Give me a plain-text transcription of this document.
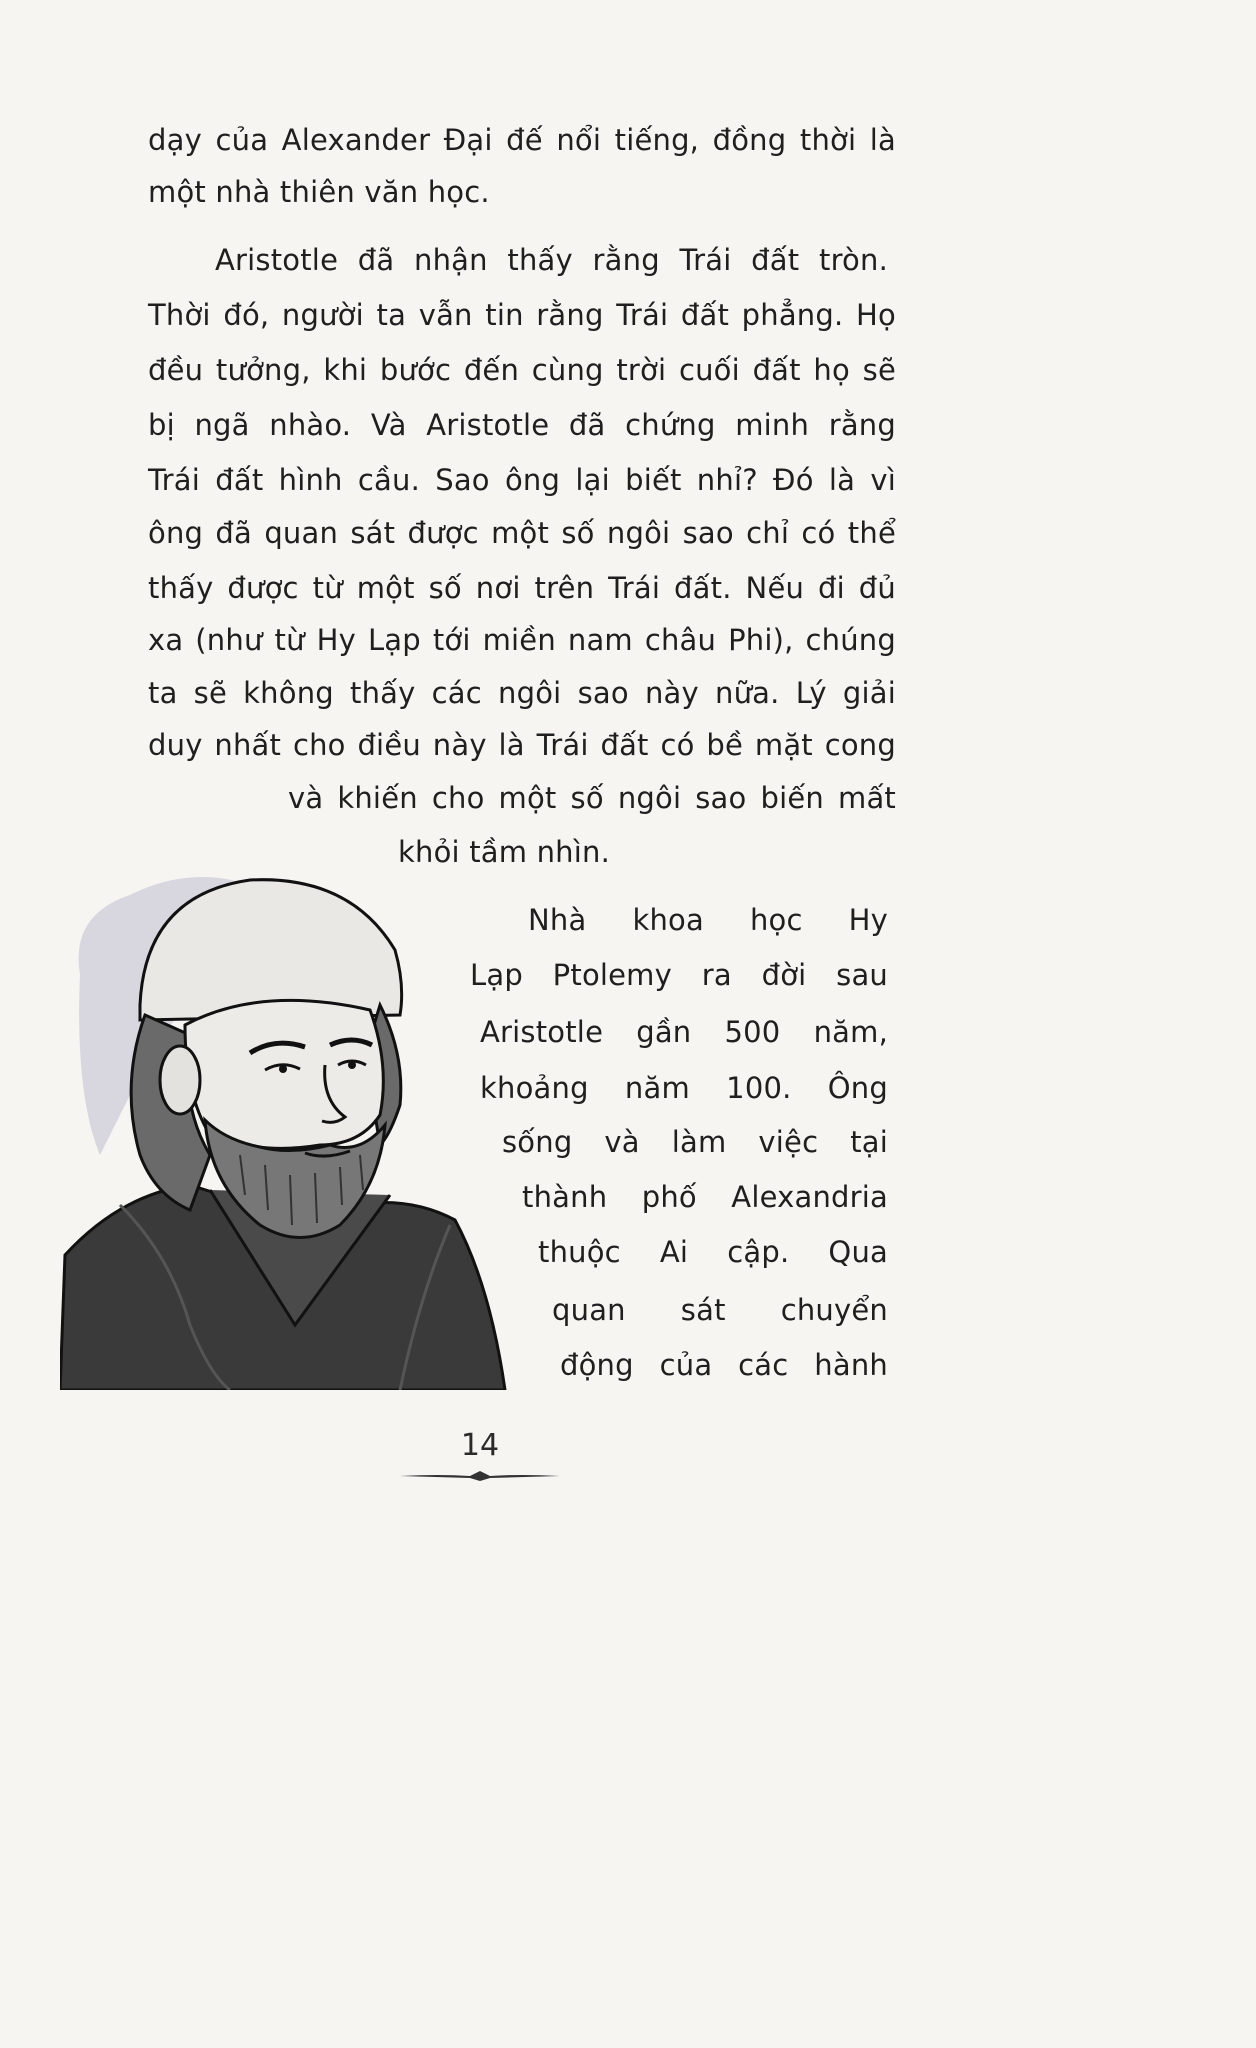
dạy của Alexander Đại đế nổi tiếng, đồng thời là
một nhà thiên văn học.
Aristotle đã nhận thấy rằng Trái đất tròn.
Thời đó, người ta vẫn tin rằng Trái đất phẳng. Họ
đều tưởng, khi bước đến cùng trời cuối đất họ sẽ
bị ngã nhào. Và Aristotle đã chứng minh rằng
Trái đất hình cầu. Sao ông lại biết nhỉ? Đó là vì
ông đã quan sát được một số ngôi sao chỉ có thể
thấy được từ một số nơi trên Trái đất. Nếu đi đủ
xa (như từ Hy Lạp tới miền nam châu Phi), chúng
ta sẽ không thấy các ngôi sao này nữa. Lý giải
duy nhất cho điều này là Trái đất có bề mặt cong
và khiến cho một số ngôi sao biến mất
khỏi tầm nhìn.
Nhà khoa học Hy
Lạp Ptolemy ra đời sau
Aristotle gần 500 năm,
khoảng năm 100. Ông
sống và làm việc tại
thành phố Alexandria
thuộc Ai cập. Qua
quan sát chuyển
động của các hành
14
